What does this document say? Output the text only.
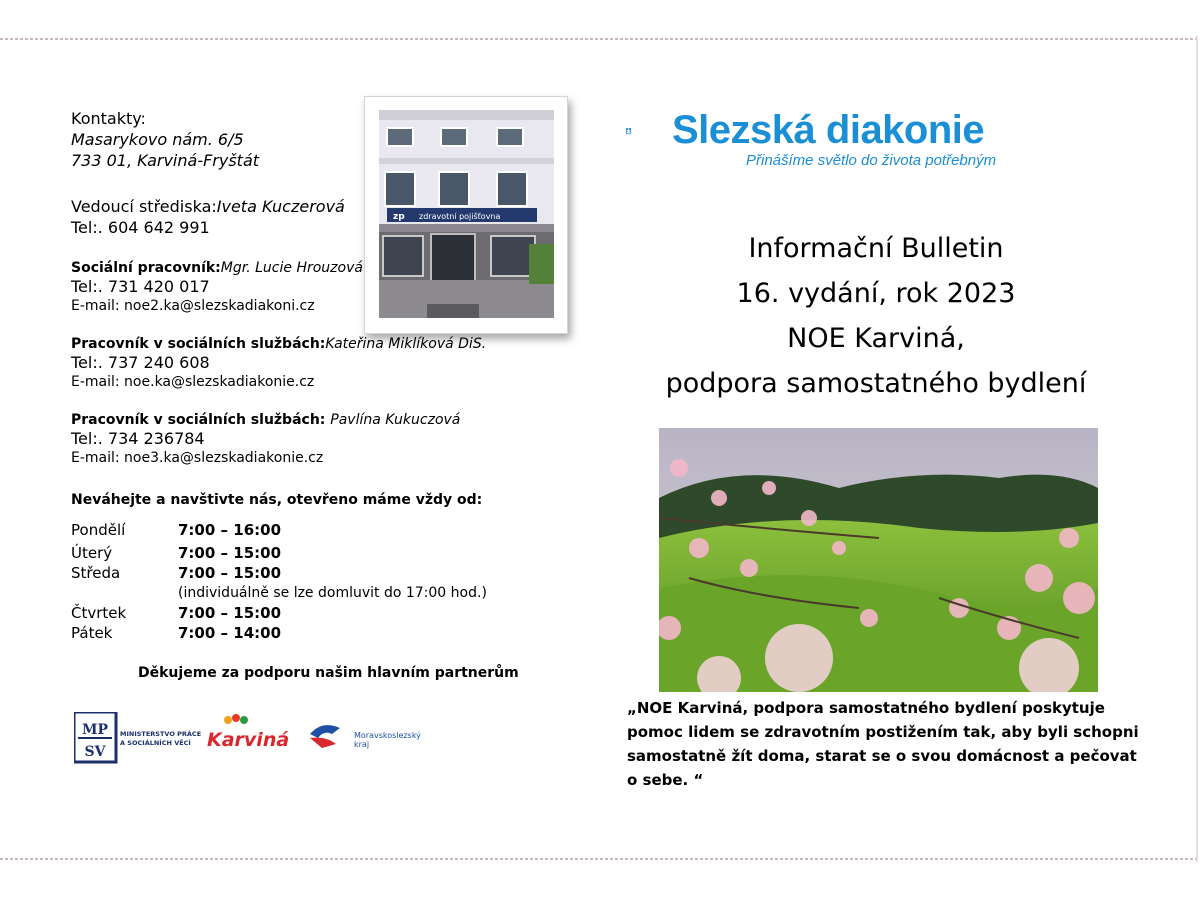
Kontakty:
Masarykovo nám. 6/5
733 01, Karviná-Fryštát
Vedoucí střediska:Iveta Kuczerová
Tel:. 604 642 991
Sociální pracovník:Mgr. Lucie Hrouzová
Tel:. 731 420 017
E-mail: noe2.ka@slezskadiakoni.cz
Pracovník v sociálních službách:Kateřina Miklíková DiS.
Tel:. 737 240 608
E-mail: noe.ka@slezskadiakonie.cz
Pracovník v sociálních službách: Pavlína Kukuczová
Tel:. 734 236784
E-mail: noe3.ka@slezskadiakonie.cz
Neváhejte a navštivte nás, otevřeno máme vždy od:
Pondělí	7:00 – 16:00
Úterý	7:00 – 15:00
Středa	7:00 – 15:00
(individuálně se lze domluvit do 17:00 hod.)
Čtvrtek	7:00 – 15:00
Pátek	7:00 – 14:00
zp zdravotní pojišťovna
Děkujeme za podporu našim hlavním partnerům
MP
SV
MINISTERSTVO PRÁCE
A SOCIÁLNÍCH VĚCÍ Karviná	Moravskoslezský
kraj
Slezská diakonie
Přinášíme světlo do života potřebným
Informační Bulletin
16. vydání, rok 2023
NOE Karviná,
podpora samostatného bydlení
„NOE Karviná, podpora samostatného bydlení poskytuje pomoc lidem se zdravotním postižením tak, aby byli schopni samostatně žít doma, starat se o svou domácnost a pečovat o sebe. “
